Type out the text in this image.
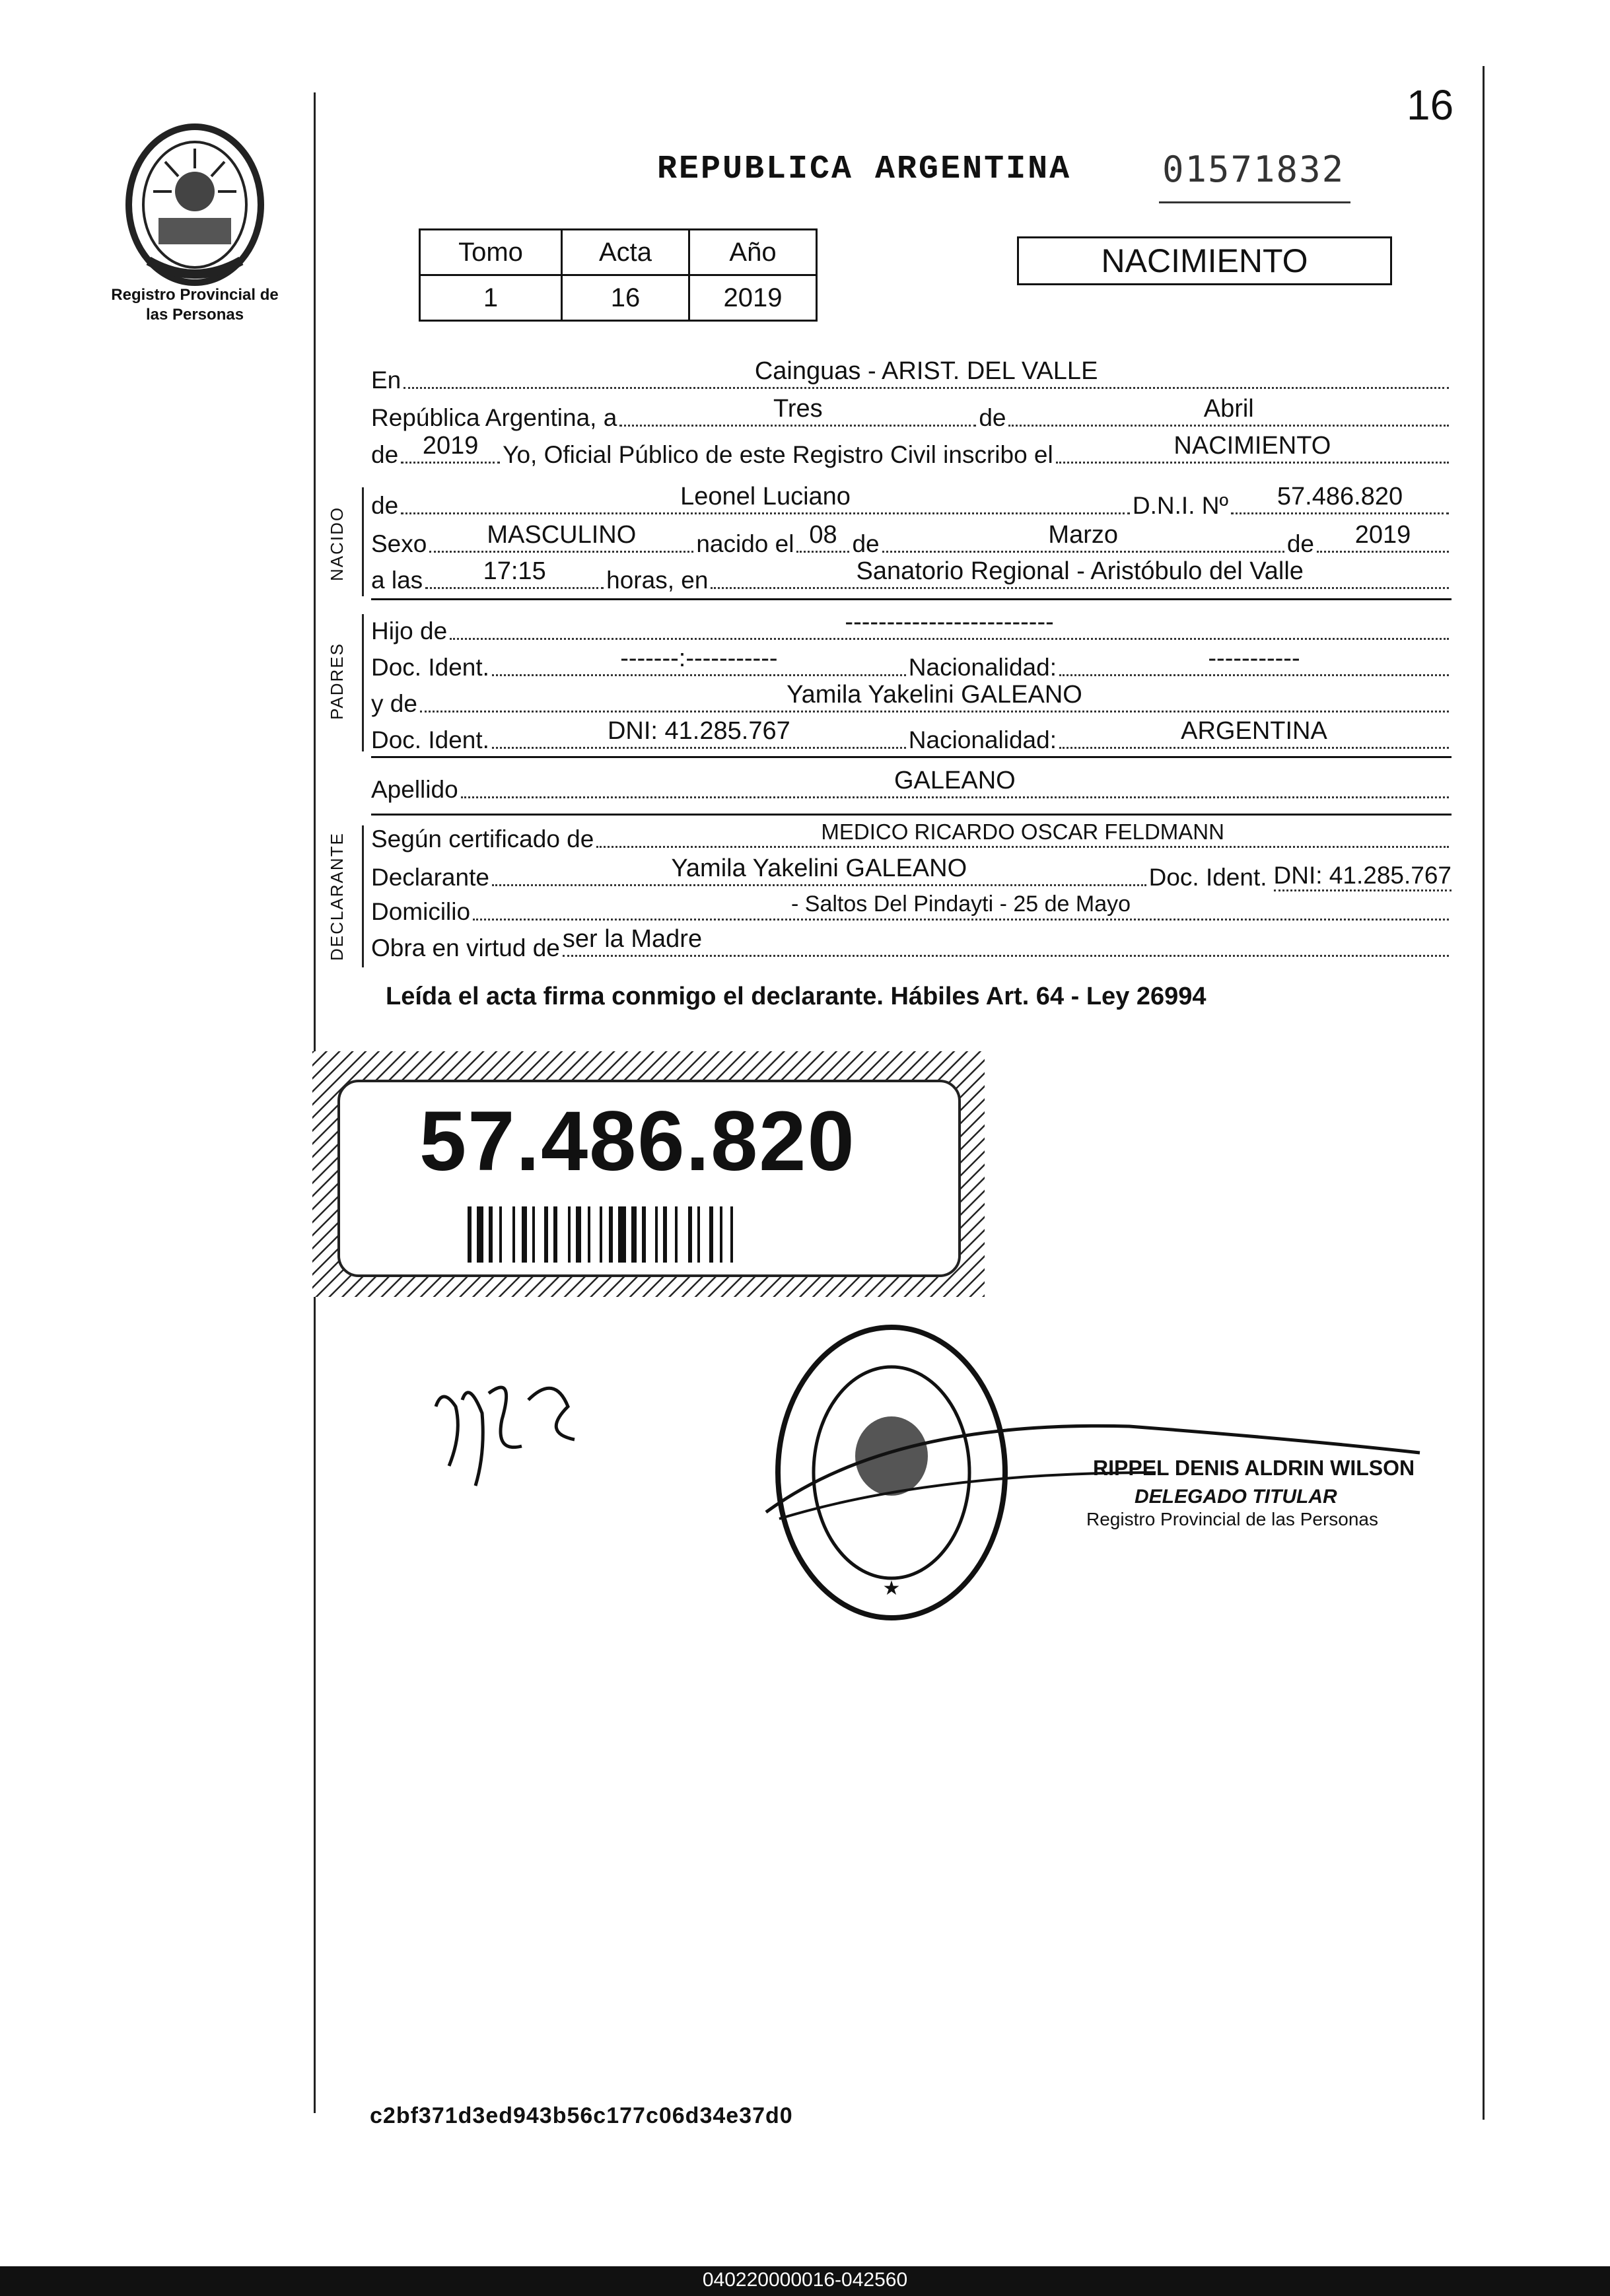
16
REPUBLICA ARGENTINA	01571832
Registro Provincial de las Personas
Tomo	Acta	Año
1	16	2019
NACIMIENTO
En	Cainguas - ARIST. DEL VALLE
República Argentina, a	Tres	de	Abril
de 2019 Yo, Oficial Público de este Registro Civil inscribo el	NACIMIENTO
NACIDO
de	Leonel Luciano	D.N.I. Nº 57.486.820
Sexo MASCULINO nacido el 08 de	Marzo	de 2019
a las 17:15 horas, en	Sanatorio Regional - Aristóbulo del Valle
PADRES
Hijo de	-------------------------
Doc. Ident.	-------:-----------	Nacionalidad:	-----------
y de	Yamila Yakelini GALEANO
Doc. Ident.	DNI: 41.285.767	Nacionalidad:	ARGENTINA
Apellido	GALEANO
DECLARANTE Según certificado de	MEDICO RICARDO OSCAR FELDMANN
Declarante	Yamila Yakelini GALEANO	Doc. Ident. DNI: 41.285.767
Domicilio	- Saltos Del Pindayti - 25 de Mayo
Obra en virtud de ser la Madre
Leída el acta firma conmigo el declarante. Hábiles Art. 64 - Ley 26994
57.486.820
★
RIPPEL DENIS ALDRIN WILSON
DELEGADO TITULAR
Registro Provincial de las Personas
c2bf371d3ed943b56c177c06d34e37d0
040220000016-042560
